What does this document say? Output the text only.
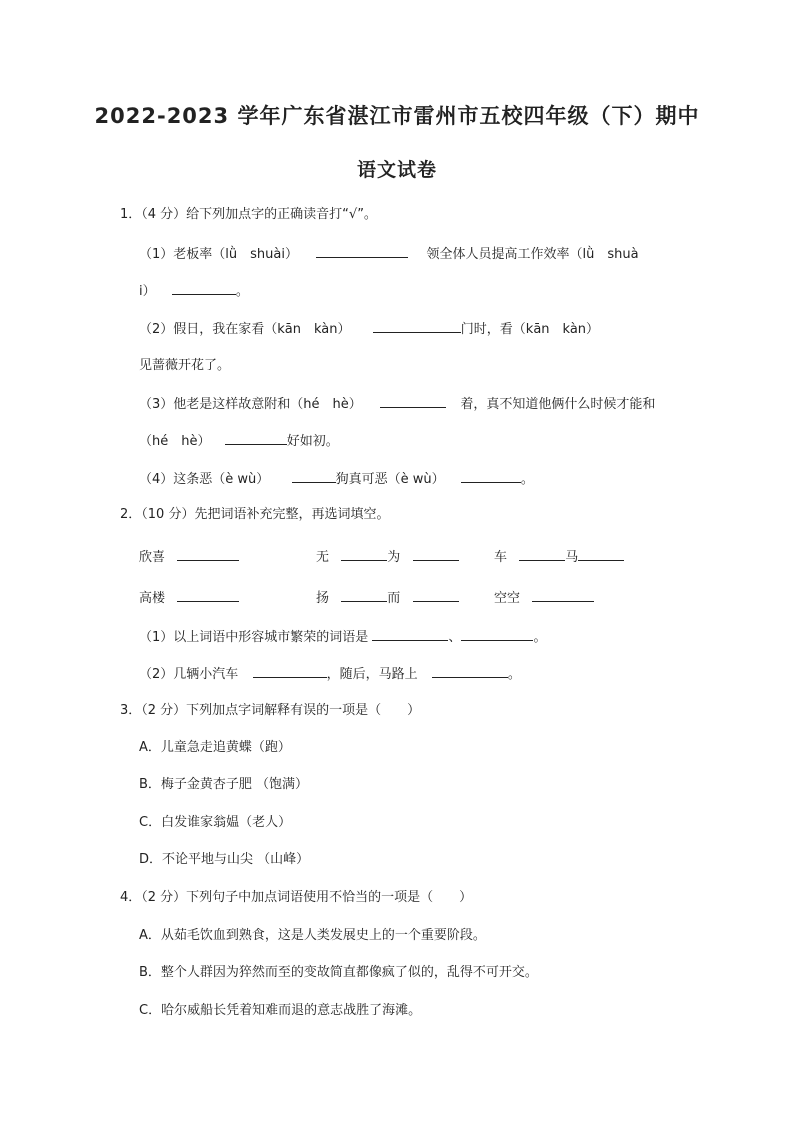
2022-2023 学年广东省湛江市雷州市五校四年级（下）期中
语文试卷
1．（4 分）给下列加点字的正确读音打“√”。
（1）老板率（lǜ　shuài）	领全体人员提高工作效率（lǜ　shuà
i）	。
（2）假日，我在家看（kān　kàn）	门时，看（kān　kàn）
见蔷薇开花了。
（3）他老是这样故意附和（hé　hè）	着，真不知道他俩什么时候才能和
（hé　hè）	好如初。
（4）这条恶（è wù）	狗真可恶（è wù）	。
2．（10 分）先把词语补充完整，再选词填空。
欣喜	无	为	车	马
高楼	扬	而	空空
（1）以上词语中形容城市繁荣的词语是	、	。
（2）几辆小汽车	，随后，马路上	。
3．（2 分）下列加点字词解释有误的一项是（　　）
A．儿童急走追黄蝶（跑）
B．梅子金黄杏子肥 （饱满）
C．白发谁家翁媪（老人）
D．不论平地与山尖 （山峰）
4．（2 分）下列句子中加点词语使用不恰当的一项是（　　）
A．从茹毛饮血到熟食，这是人类发展史上的一个重要阶段。
B．整个人群因为猝然而至的变故简直都像疯了似的，乱得不可开交。
C．哈尔威船长凭着知难而退的意志战胜了海滩。
